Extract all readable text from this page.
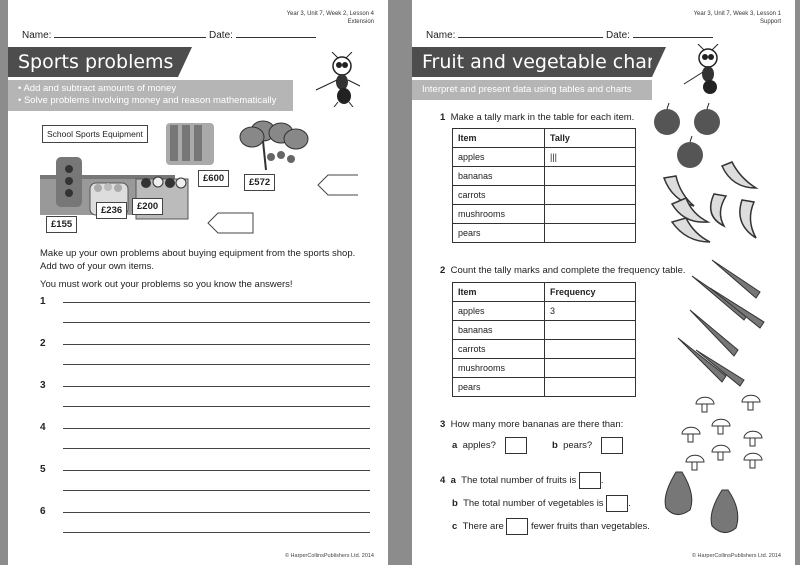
Year 3, Unit 7, Week 2, Lesson 4
Extension
Name:	Date:
Sports problems
• Add and subtract amounts of money
• Solve problems involving money and reason mathematically
School Sports Equipment
£600	£572
£236	£200
£155
Make up your own problems about buying equipment from the sports shop.
Add two of your own items.
You must work out your problems so you know the answers!
1
2
3
4
5
6
© HarperCollinsPublishers Ltd. 2014
Year 3, Unit 7, Week 3, Lesson 1
Support
Name:	Date:
Fruit and vegetable charts
Interpret and present data using tables and charts
1 Make a tally mark in the table for each item.
Item	Tally
apples	|||
bananas	
carrots	
mushrooms	
pears	
2 Count the tally marks and complete the frequency table.
Item	Frequency
apples	3
bananas	
carrots	
mushrooms	
pears	
3 How many more bananas are there than:
a apples?	b pears?
4 a The total number of fruits is	.
b The total number of vegetables is	.
c There are	fewer fruits than vegetables.
© HarperCollinsPublishers Ltd. 2014
